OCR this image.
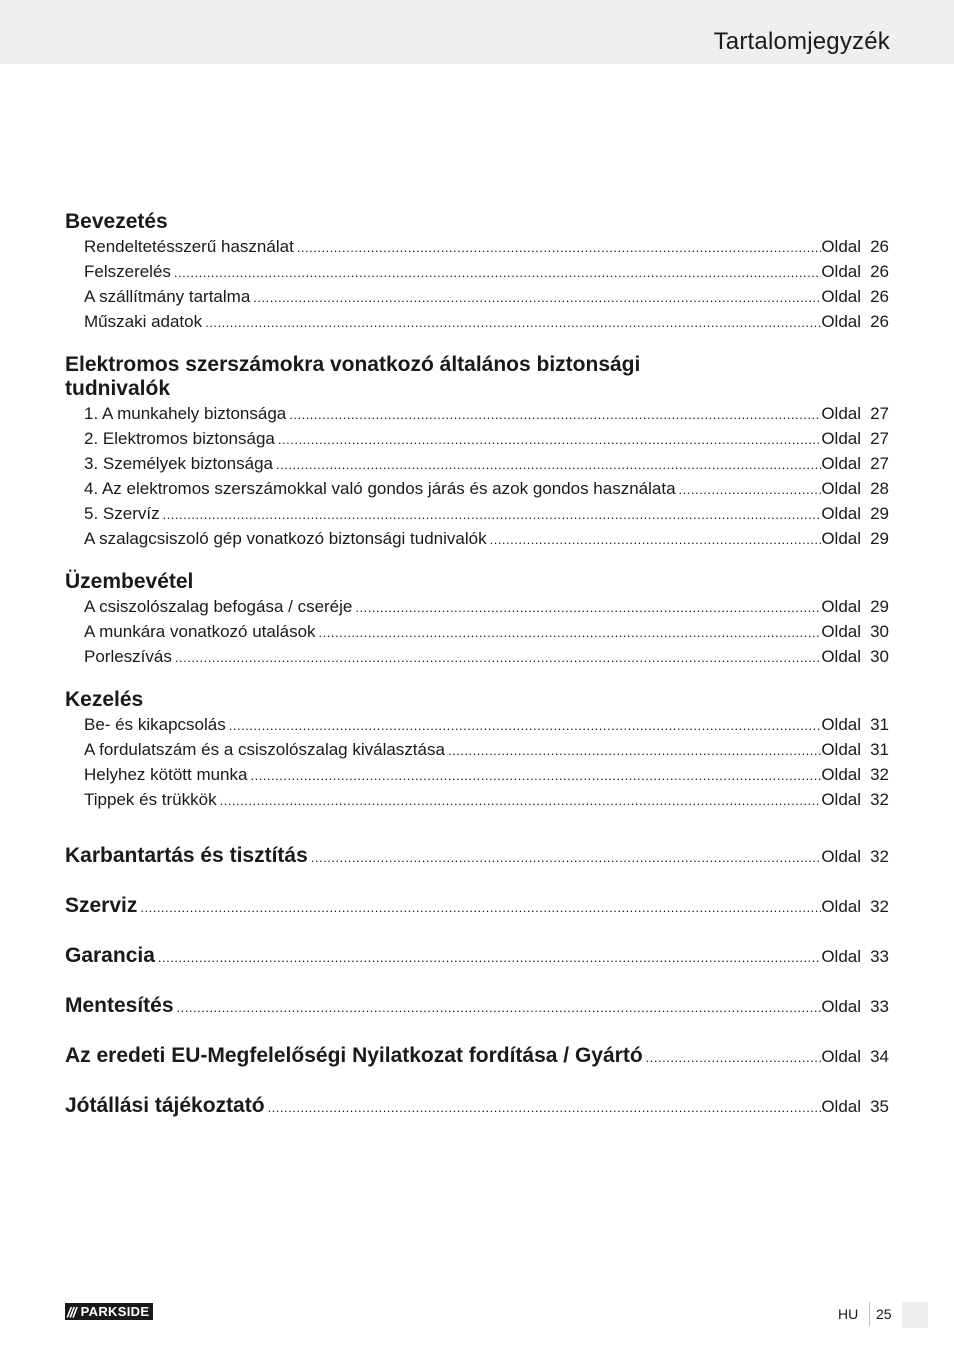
Tartalomjegyzék
Bevezetés
Rendeltetésszerű használat .....	Oldal 26
Felszerelés .....	Oldal 26
A szállítmány tartalma .....	Oldal 26
Műszaki adatok .....	Oldal 26
Elektromos szerszámokra vonatkozó általános biztonsági
tudnivalók
1. A munkahely biztonsága .....	Oldal 27
2. Elektromos biztonsága .....	Oldal 27
3. Személyek biztonsága .....	Oldal 27
4. Az elektromos szerszámokkal való gondos járás és azok gondos használata .....	Oldal 28
5. Szervíz .....	Oldal 29
A szalagcsiszoló gép vonatkozó biztonsági tudnivalók .....	Oldal 29
Üzembevétel
A csiszolószalag befogása / cseréje .....	Oldal 29
A munkára vonatkozó utalások .....	Oldal 30
Porleszívás .....	Oldal 30
Kezelés
Be- és kikapcsolás .....	Oldal 31
A fordulatszám és a csiszolószalag kiválasztása .....	Oldal 31
Helyhez kötött munka .....	Oldal 32
Tippek és trükkök .....	Oldal 32
Karbantartás és tisztítás .....	Oldal 32
Szerviz .....	Oldal 32
Garancia .....	Oldal 33
Mentesítés .....	Oldal 33
Az eredeti EU-Megfelelőségi Nyilatkozat fordítása / Gyártó .....	Oldal 34
Jótállási tájékoztató .....	Oldal 35
/// PARKSIDE	HU 25
